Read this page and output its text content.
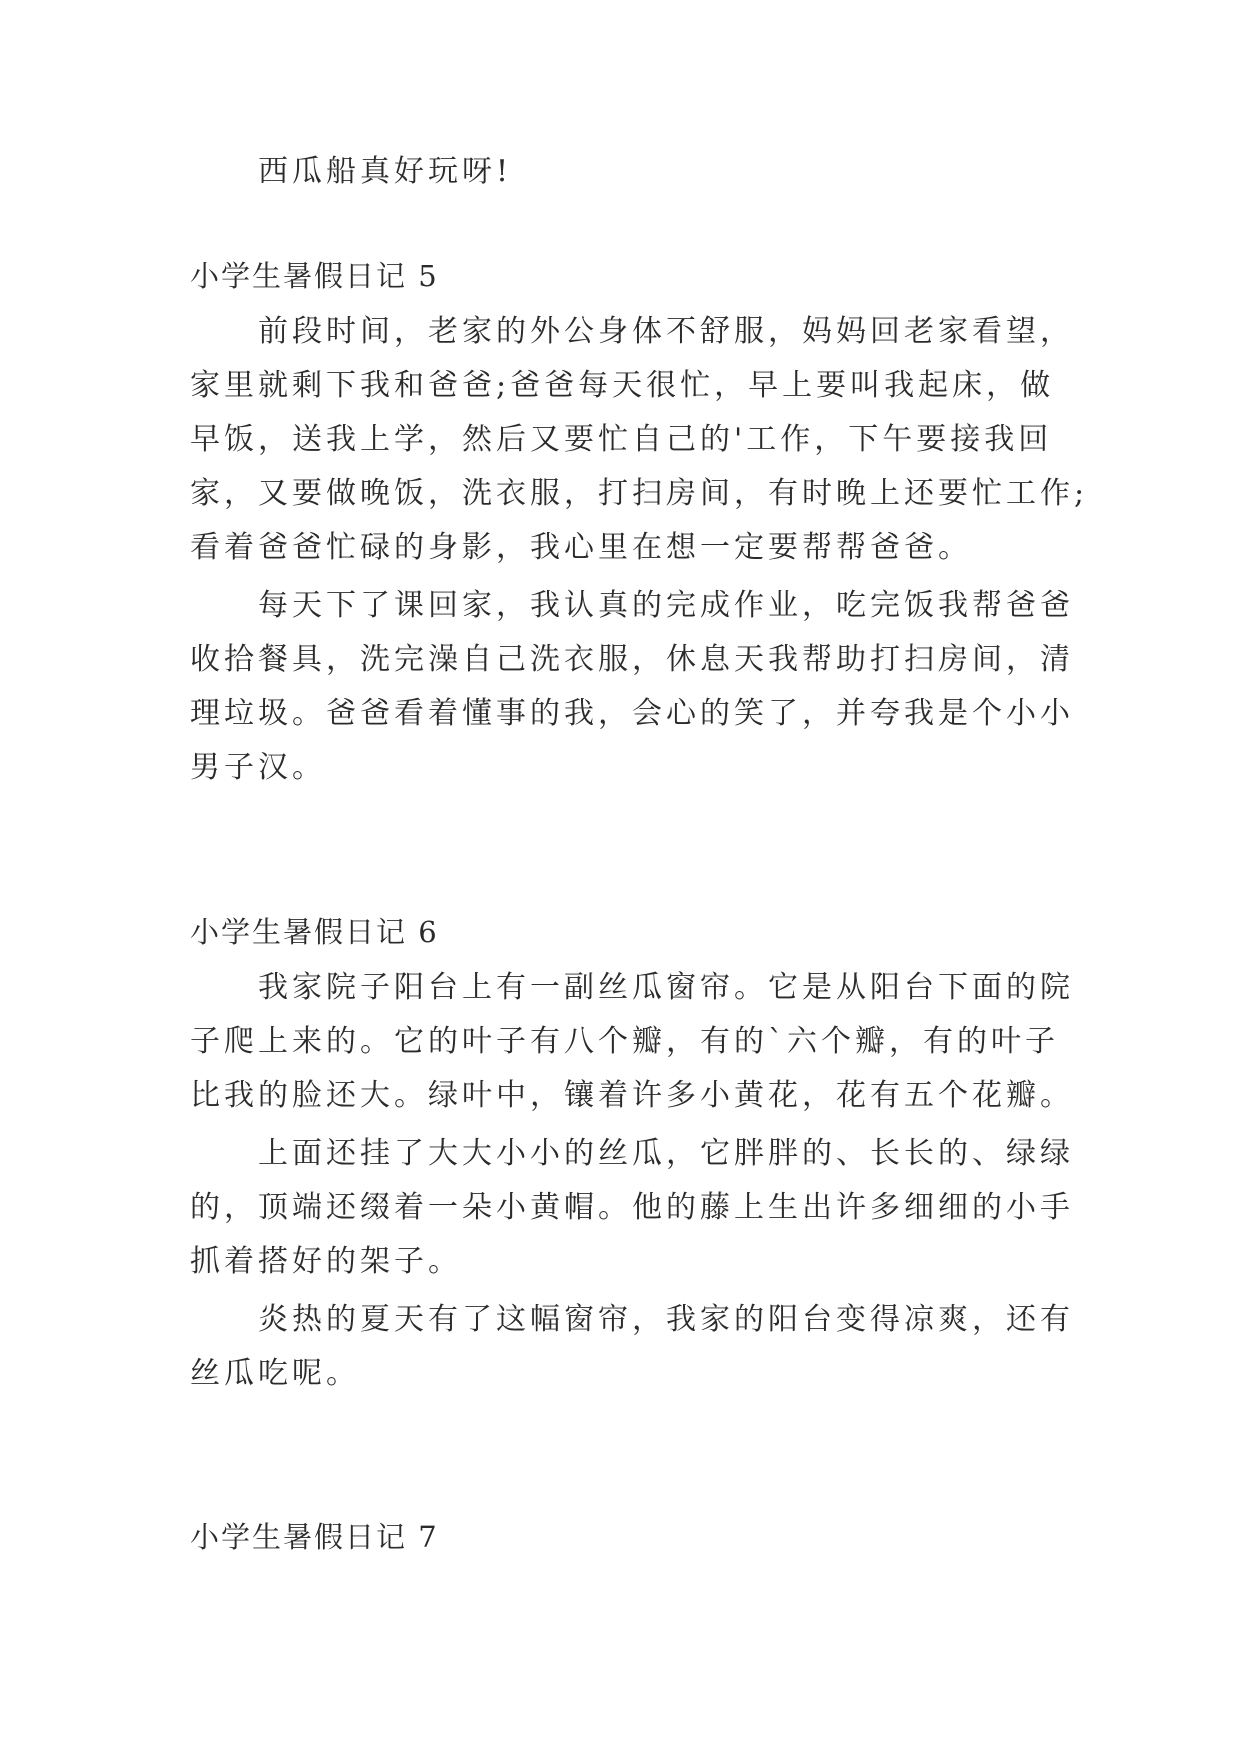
西瓜船真好玩呀!
小学生暑假日记 5
前段时间，老家的外公身体不舒服，妈妈回老家看望，
家里就剩下我和爸爸;爸爸每天很忙，早上要叫我起床，做
早饭，送我上学，然后又要忙自己的'工作，下午要接我回
家，又要做晚饭，洗衣服，打扫房间，有时晚上还要忙工作;
看着爸爸忙碌的身影，我心里在想一定要帮帮爸爸。
每天下了课回家，我认真的完成作业，吃完饭我帮爸爸
收拾餐具，洗完澡自己洗衣服，休息天我帮助打扫房间，清
理垃圾。爸爸看着懂事的我，会心的笑了，并夸我是个小小
男子汉。
小学生暑假日记 6
我家院子阳台上有一副丝瓜窗帘。它是从阳台下面的院
子爬上来的。它的叶子有八个瓣，有的`六个瓣，有的叶子
比我的脸还大。绿叶中，镶着许多小黄花，花有五个花瓣。
上面还挂了大大小小的丝瓜，它胖胖的、长长的、绿绿
的，顶端还缀着一朵小黄帽。他的藤上生出许多细细的小手
抓着搭好的架子。
炎热的夏天有了这幅窗帘，我家的阳台变得凉爽，还有
丝瓜吃呢。
小学生暑假日记 7
